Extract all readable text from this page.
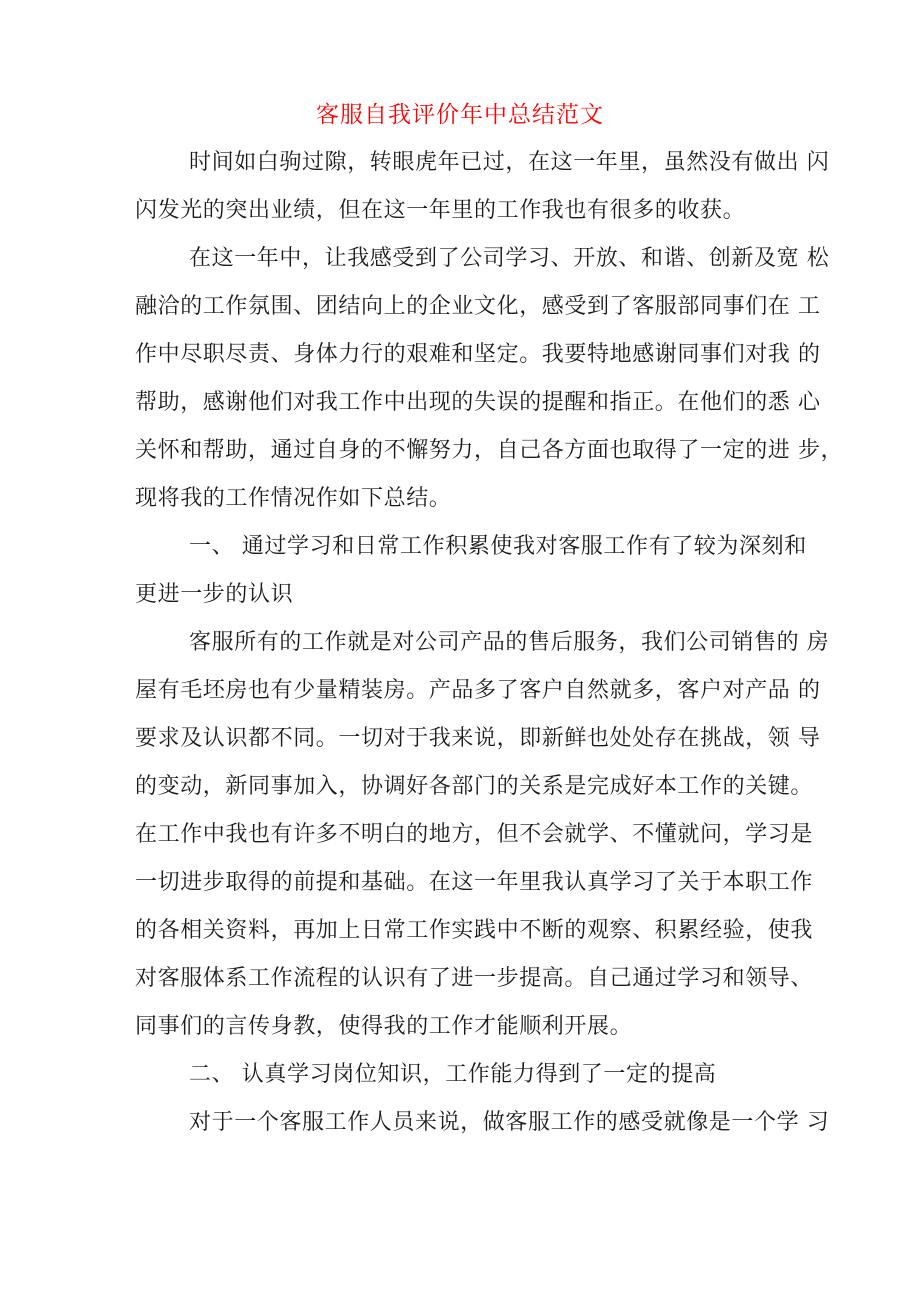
客服自我评价年中总结范文
时间如白驹过隙，转眼虎年已过，在这一年里，虽然没有做出 闪
闪发光的突出业绩，但在这一年里的工作我也有很多的收获。
在这一年中，让我感受到了公司学习、开放、和谐、创新及宽 松
融洽的工作氛围、团结向上的企业文化，感受到了客服部同事们在 工
作中尽职尽责、身体力行的艰难和坚定。我要特地感谢同事们对我 的
帮助，感谢他们对我工作中出现的失误的提醒和指正。在他们的悉 心
关怀和帮助，通过自身的不懈努力，自己各方面也取得了一定的进 步，
现将我的工作情况作如下总结。
一、 通过学习和日常工作积累使我对客服工作有了较为深刻和
更进一步的认识
客服所有的工作就是对公司产品的售后服务，我们公司销售的 房
屋有毛坯房也有少量精装房。产品多了客户自然就多，客户对产品 的
要求及认识都不同。一切对于我来说，即新鲜也处处存在挑战，领 导
的变动，新同事加入，协调好各部门的关系是完成好本工作的关键。
在工作中我也有许多不明白的地方，但不会就学、不懂就问，学习是
一切进步取得的前提和基础。在这一年里我认真学习了关于本职工作
的各相关资料，再加上日常工作实践中不断的观察、积累经验，使我
对客服体系工作流程的认识有了进一步提高。自己通过学习和领导、
同事们的言传身教，使得我的工作才能顺利开展。
二、 认真学习岗位知识，工作能力得到了一定的提高
对于一个客服工作人员来说，做客服工作的感受就像是一个学 习
